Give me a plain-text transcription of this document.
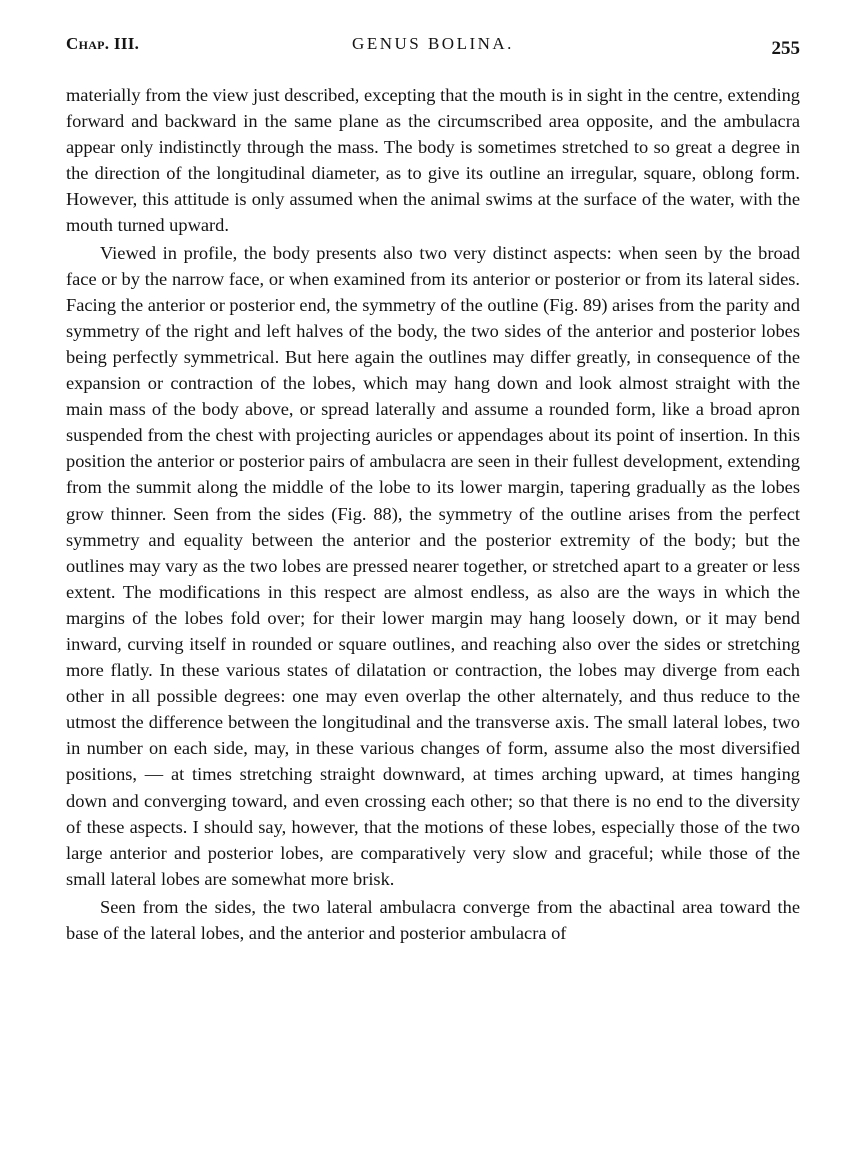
Chap. III.	GENUS BOLINA.	255

materially from the view just described, excepting that the mouth is in sight in the centre, extending forward and backward in the same plane as the circumscribed area opposite, and the ambulacra appear only indistinctly through the mass. The body is sometimes stretched to so great a degree in the direction of the longitudinal diameter, as to give its outline an irregular, square, oblong form. However, this attitude is only assumed when the animal swims at the surface of the water, with the mouth turned upward.

Viewed in profile, the body presents also two very distinct aspects: when seen by the broad face or by the narrow face, or when examined from its anterior or posterior or from its lateral sides. Facing the anterior or posterior end, the symmetry of the outline (Fig. 89) arises from the parity and symmetry of the right and left halves of the body, the two sides of the anterior and posterior lobes being perfectly symmetrical. But here again the outlines may differ greatly, in consequence of the expansion or contraction of the lobes, which may hang down and look almost straight with the main mass of the body above, or spread laterally and assume a rounded form, like a broad apron suspended from the chest with projecting auricles or appendages about its point of insertion. In this position the anterior or posterior pairs of ambulacra are seen in their fullest development, extending from the summit along the middle of the lobe to its lower margin, tapering gradually as the lobes grow thinner. Seen from the sides (Fig. 88), the symmetry of the outline arises from the perfect symmetry and equality between the anterior and the posterior extremity of the body; but the outlines may vary as the two lobes are pressed nearer together, or stretched apart to a greater or less extent. The modifications in this respect are almost endless, as also are the ways in which the margins of the lobes fold over; for their lower margin may hang loosely down, or it may bend inward, curving itself in rounded or square outlines, and reaching also over the sides or stretching more flatly. In these various states of dilatation or contraction, the lobes may diverge from each other in all possible degrees: one may even overlap the other alternately, and thus reduce to the utmost the difference between the longitudinal and the transverse axis. The small lateral lobes, two in number on each side, may, in these various changes of form, assume also the most diversified positions, — at times stretching straight downward, at times arching upward, at times hanging down and converging toward, and even crossing each other; so that there is no end to the diversity of these aspects. I should say, however, that the motions of these lobes, especially those of the two large anterior and posterior lobes, are comparatively very slow and graceful; while those of the small lateral lobes are somewhat more brisk.

Seen from the sides, the two lateral ambulacra converge from the abactinal area toward the base of the lateral lobes, and the anterior and posterior ambulacra of
